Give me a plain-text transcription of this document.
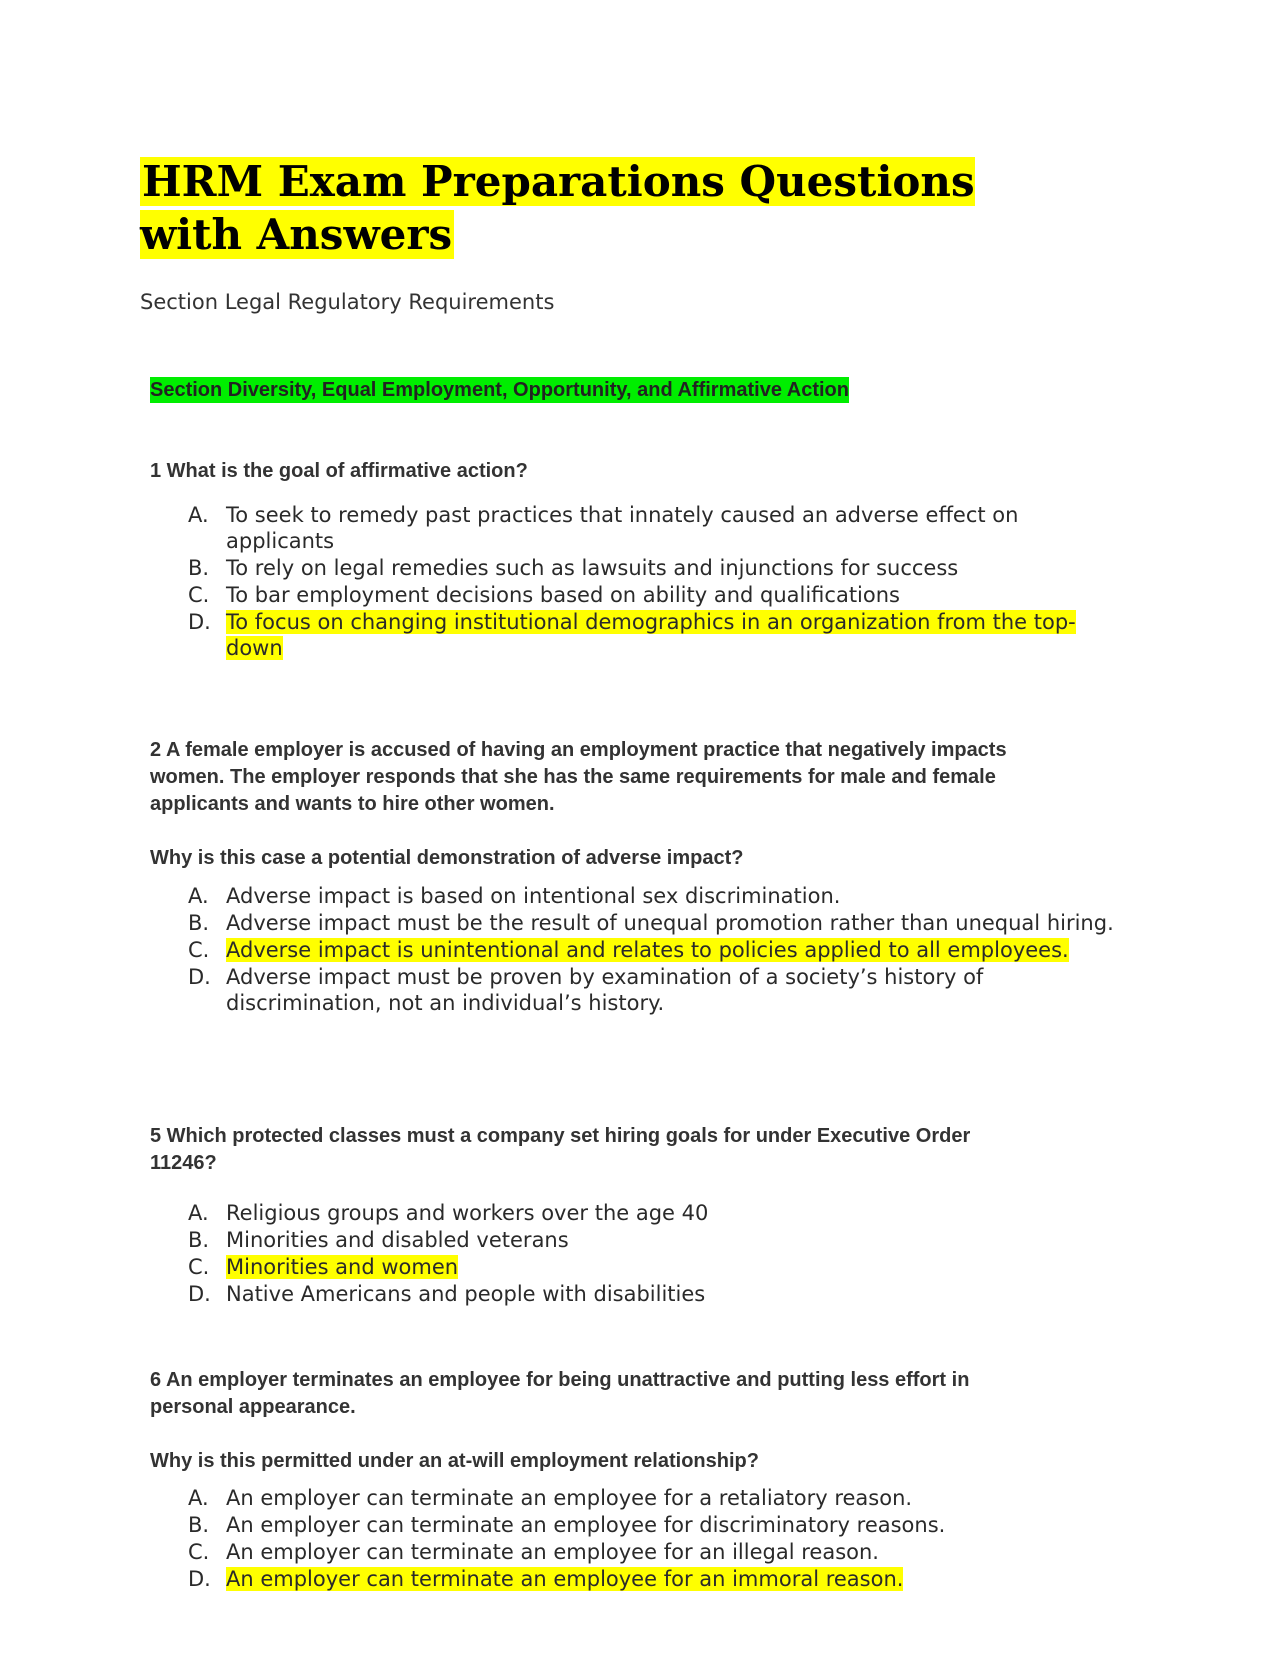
HRM Exam Preparations Questions with Answers
Section Legal Regulatory Requirements
Section Diversity, Equal Employment, Opportunity, and Affirmative Action

1 What is the goal of affirmative action?

A. To seek to remedy past practices that innately caused an adverse effect on applicants
B. To rely on legal remedies such as lawsuits and injunctions for success
C. To bar employment decisions based on ability and qualifications
D. To focus on changing institutional demographics in an organization from the top-down

2 A female employer is accused of having an employment practice that negatively impacts women. The employer responds that she has the same requirements for male and female applicants and wants to hire other women.

Why is this case a potential demonstration of adverse impact?

A. Adverse impact is based on intentional sex discrimination.
B. Adverse impact must be the result of unequal promotion rather than unequal hiring.
C. Adverse impact is unintentional and relates to policies applied to all employees.
D. Adverse impact must be proven by examination of a society’s history of discrimination, not an individual’s history.

5 Which protected classes must a company set hiring goals for under Executive Order 11246?

A. Religious groups and workers over the age 40
B. Minorities and disabled veterans
C. Minorities and women
D. Native Americans and people with disabilities

6 An employer terminates an employee for being unattractive and putting less effort in personal appearance.

Why is this permitted under an at-will employment relationship?

A. An employer can terminate an employee for a retaliatory reason.
B. An employer can terminate an employee for discriminatory reasons.
C. An employer can terminate an employee for an illegal reason.
D. An employer can terminate an employee for an immoral reason.
